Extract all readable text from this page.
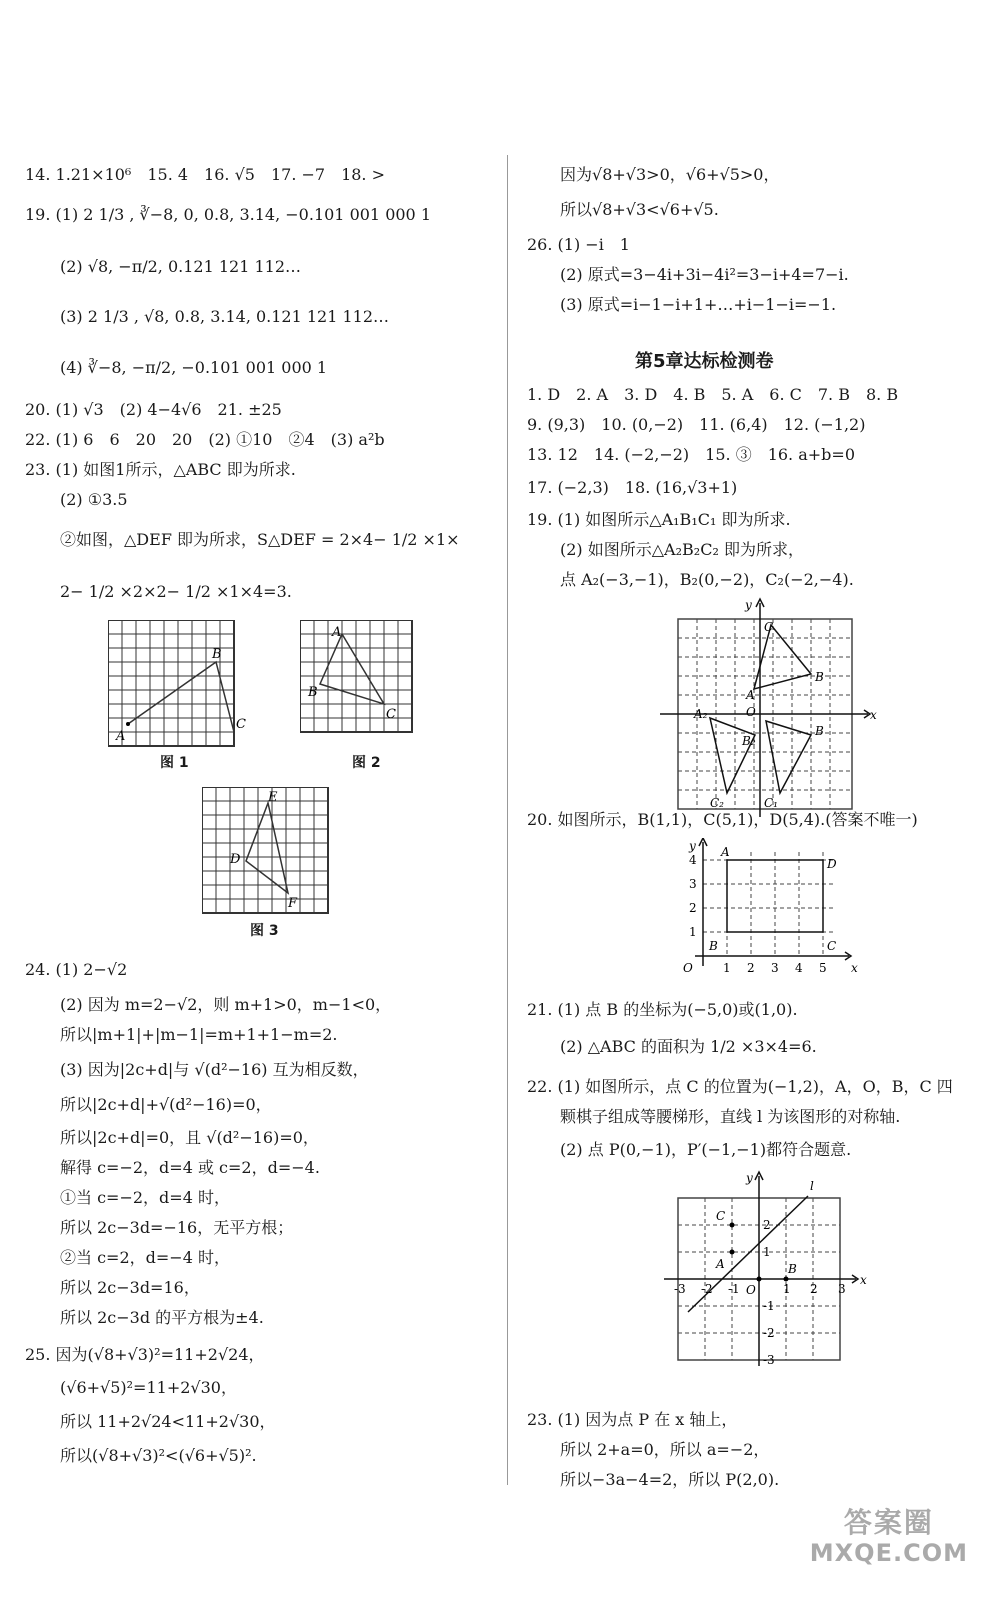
14. 1.21×10⁶　15. 4　16. √5　17. −7　18. >
19. (1) 2 1/3 , ∛−8, 0, 0.8, 3.14, −0.101 001 000 1
(2) √8, −π/2, 0.121 121 112…
(3) 2 1/3 , √8, 0.8, 3.14, 0.121 121 112…
(4) ∛−8, −π/2, −0.101 001 000 1
20. (1) √3　(2) 4−4√6　21. ±25
22. (1) 6　6　20　20　(2) ①10　②4　(3) a²b
23. (1) 如图1所示，△ABC 即为所求.
(2) ①3.5
②如图，△DEF 即为所求，S△DEF = 2×4− 1/2 ×1×
2− 1/2 ×2×2− 1/2 ×1×4=3.
24. (1) 2−√2
(2) 因为 m=2−√2，则 m+1>0，m−1<0，
所以|m+1|+|m−1|=m+1+1−m=2.
(3) 因为|2c+d|与 √(d²−16) 互为相反数，
所以|2c+d|+√(d²−16)=0，
所以|2c+d|=0，且 √(d²−16)=0，
解得 c=−2，d=4 或 c=2，d=−4.
①当 c=−2，d=4 时，
所以 2c−3d=−16，无平方根；
②当 c=2，d=−4 时，
所以 2c−3d=16，
所以 2c−3d 的平方根为±4.
25. 因为(√8+√3)²=11+2√24，
(√6+√5)²=11+2√30，
所以 11+2√24<11+2√30，
所以(√8+√3)²<(√6+√5)².
A
B
C
图 1
A
B
C
图 2
E
D
F
图 3
因为√8+√3>0，√6+√5>0，
所以√8+√3<√6+√5.
26. (1) −i　1
(2) 原式=3−4i+3i−4i²=3−i+4=7−i.
(3) 原式=i−1−i+1+…+i−1−i=−1.
第5章达标检测卷
1. D　2. A　3. D　4. B　5. A　6. C　7. B　8. B
9. (9,3)　10. (0,−2)　11. (6,4)　12. (−1,2)
13. 12　14. (−2,−2)　15. ③　16. a+b=0
17. (−2,3)　18. (16,√3+1)
19. (1) 如图所示△A₁B₁C₁ 即为所求.
(2) 如图所示△A₂B₂C₂ 即为所求，
点 A₂(−3,−1)，B₂(0,−2)，C₂(−2,−4).
20. 如图所示，B(1,1)，C(5,1)，D(5,4).(答案不唯一)
21. (1) 点 B 的坐标为(−5,0)或(1,0).
(2) △ABC 的面积为 1/2 ×3×4=6.
22. (1) 如图所示，点 C 的位置为(−1,2)，A，O，B，C 四
颗棋子组成等腰梯形，直线 l 为该图形的对称轴.
(2) 点 P(0,−1)，P′(−1,−1)都符合题意.
23. (1) 因为点 P 在 x 轴上，
所以 2+a=0，所以 a=−2，
所以−3a−4=2，所以 P(2,0).
x
y
C
B
A
O
A₂
B₂
B
C₂	C₁
y
x
A
D
B	C
O	1 2 3 4 5
1
2
3
4
x
y
l
C
A
O
B
-3 -2 -1	1 2 3
2
1
-1
-2
-3
答案圈
MXQE.COM
